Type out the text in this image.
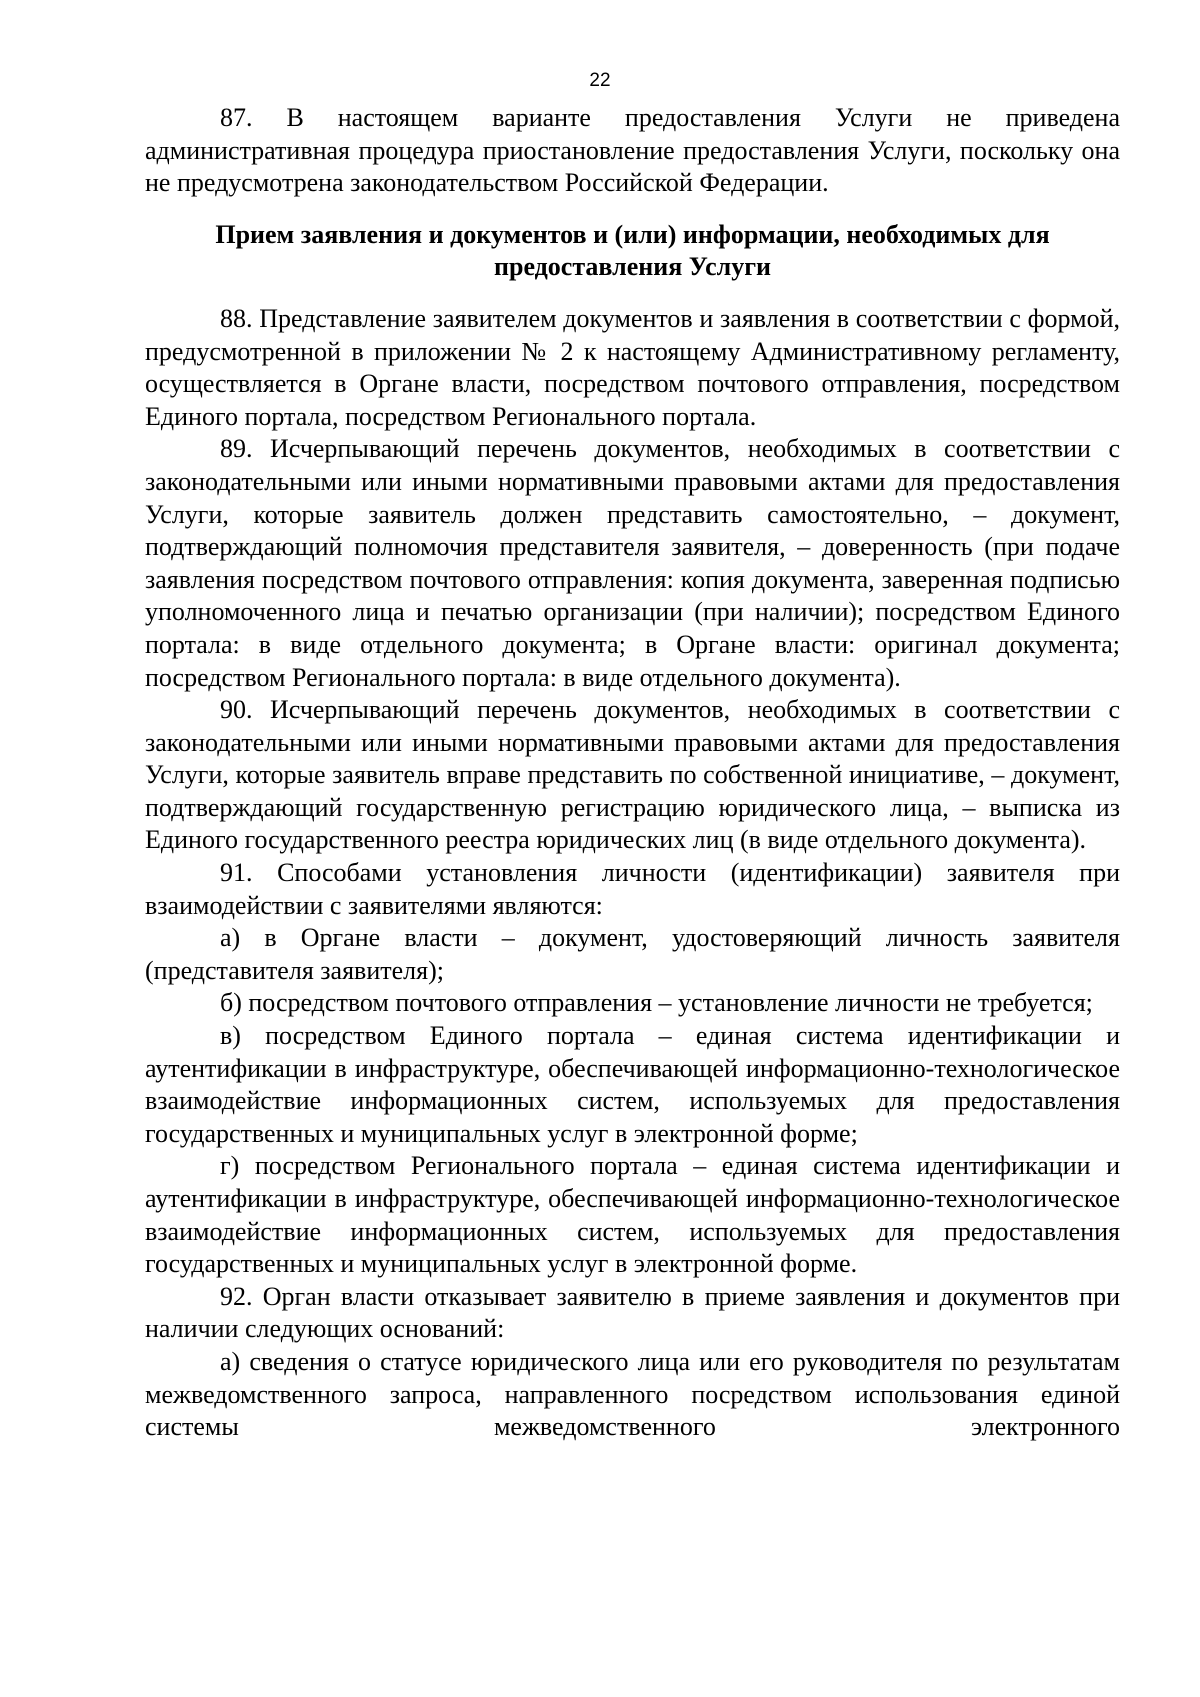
22

87. В настоящем варианте предоставления Услуги не приведена административная процедура приостановление предоставления Услуги, поскольку она не предусмотрена законодательством Российской Федерации.

Прием заявления и документов и (или) информации, необходимых для предоставления Услуги

88. Представление заявителем документов и заявления в соответствии с формой, предусмотренной в приложении № 2 к настоящему Административному регламенту, осуществляется в Органе власти, посредством почтового отправления, посредством Единого портала, посредством Регионального портала.

89. Исчерпывающий перечень документов, необходимых в соответствии с законодательными или иными нормативными правовыми актами для предоставления Услуги, которые заявитель должен представить самостоятельно, – документ, подтверждающий полномочия представителя заявителя, – доверенность (при подаче заявления посредством почтового отправления: копия документа, заверенная подписью уполномоченного лица и печатью организации (при наличии); посредством Единого портала: в виде отдельного документа; в Органе власти: оригинал документа; посредством Регионального портала: в виде отдельного документа).

90. Исчерпывающий перечень документов, необходимых в соответствии с законодательными или иными нормативными правовыми актами для предоставления Услуги, которые заявитель вправе представить по собственной инициативе, – документ, подтверждающий государственную регистрацию юридического лица, – выписка из Единого государственного реестра юридических лиц (в виде отдельного документа).

91. Способами установления личности (идентификации) заявителя при взаимодействии с заявителями являются:

а) в Органе власти – документ, удостоверяющий личность заявителя (представителя заявителя);

б) посредством почтового отправления – установление личности не требуется;

в) посредством Единого портала – единая система идентификации и аутентификации в инфраструктуре, обеспечивающей информационно-технологическое взаимодействие информационных систем, используемых для предоставления государственных и муниципальных услуг в электронной форме;

г) посредством Регионального портала – единая система идентификации и аутентификации в инфраструктуре, обеспечивающей информационно-технологическое взаимодействие информационных систем, используемых для предоставления государственных и муниципальных услуг в электронной форме.

92. Орган власти отказывает заявителю в приеме заявления и документов при наличии следующих оснований:

а) сведения о статусе юридического лица или его руководителя по результатам межведомственного запроса, направленного посредством использования единой системы межведомственного электронного
